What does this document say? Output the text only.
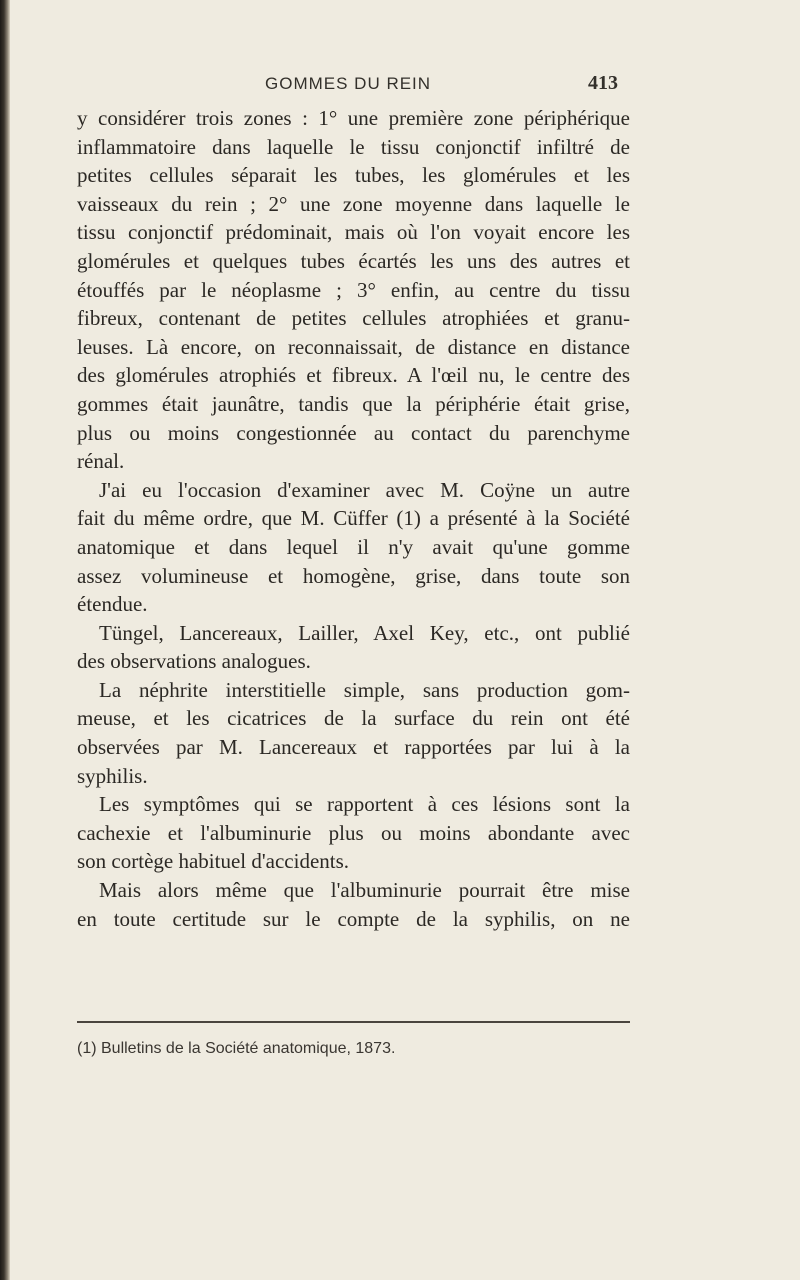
GOMMES DU REIN	413
y considérer trois zones : 1° une première zone périphérique
inflammatoire dans laquelle le tissu conjonctif infiltré de
petites cellules séparait les tubes, les glomérules et les
vaisseaux du rein ; 2° une zone moyenne dans laquelle le
tissu conjonctif prédominait, mais où l'on voyait encore les
glomérules et quelques tubes écartés les uns des autres et
étouffés par le néoplasme ; 3° enfin, au centre du tissu
fibreux, contenant de petites cellules atrophiées et granu-
leuses. Là encore, on reconnaissait, de distance en distance
des glomérules atrophiés et fibreux. A l'œil nu, le centre des
gommes était jaunâtre, tandis que la périphérie était grise,
plus ou moins congestionnée au contact du parenchyme
rénal.
J'ai eu l'occasion d'examiner avec M. Coÿne un autre
fait du même ordre, que M. Cüffer (1) a présenté à la Société
anatomique et dans lequel il n'y avait qu'une gomme
assez volumineuse et homogène, grise, dans toute son
étendue.
Tüngel, Lancereaux, Lailler, Axel Key, etc., ont publié
des observations analogues.
La néphrite interstitielle simple, sans production gom-
meuse, et les cicatrices de la surface du rein ont été
observées par M. Lancereaux et rapportées par lui à la
syphilis.
Les symptômes qui se rapportent à ces lésions sont la
cachexie et l'albuminurie plus ou moins abondante avec
son cortège habituel d'accidents.
Mais alors même que l'albuminurie pourrait être mise
en toute certitude sur le compte de la syphilis, on ne
(1) Bulletins de la Société anatomique, 1873.
